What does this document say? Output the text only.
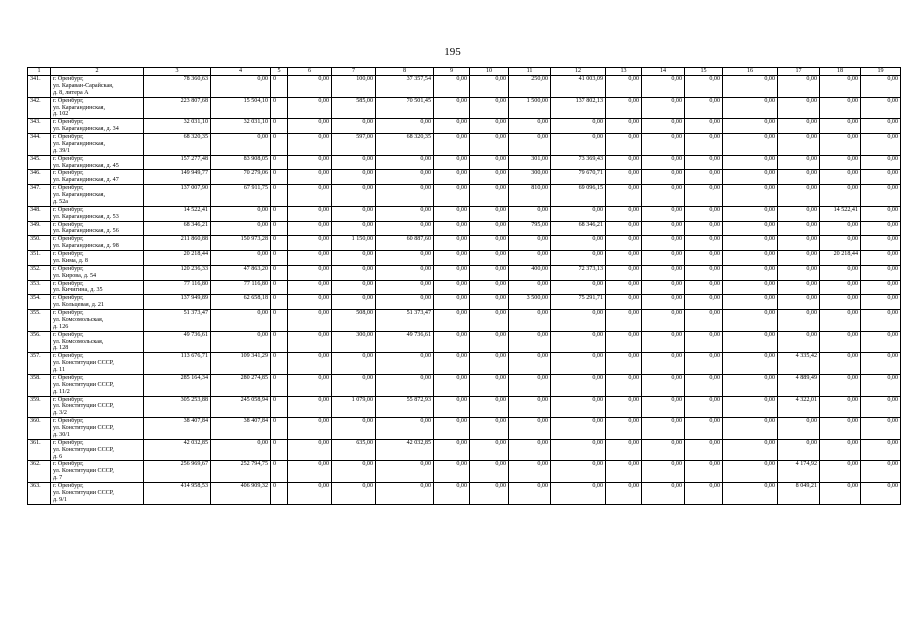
195
1	2	3	4	5	6	7	8	9	10	11	12	13	14	15	16	17	18	19
341.	г. Оренбург,
ул. Караван-Сарайская,
д. 8, литера А	78 360,63	0,00	0	0,00	100,00	37 357,54	0,00	0,00	250,00	41 003,09	0,00	0,00	0,00	0,00	0,00	0,00	0,00
342.	г. Оренбург,
ул. Карагандинская,
д. 102	223 807,68	15 504,10	0	0,00	585,00	70 501,45	0,00	0,00	1 500,00	137 802,13	0,00	0,00	0,00	0,00	0,00	0,00	0,00
343.	г. Оренбург,
ул. Карагандинская, д. 34	32 031,10	32 031,10	0	0,00	0,00	0,00	0,00	0,00	0,00	0,00	0,00	0,00	0,00	0,00	0,00	0,00	0,00
344.	г. Оренбург,
ул. Карагандинская,
д. 39/1	68 320,35	0,00	0	0,00	597,00	68 320,35	0,00	0,00	0,00	0,00	0,00	0,00	0,00	0,00	0,00	0,00	0,00
345.	г. Оренбург,
ул. Карагандинская, д. 45	157 277,48	83 908,05	0	0,00	0,00	0,00	0,00	0,00	301,00	73 369,43	0,00	0,00	0,00	0,00	0,00	0,00	0,00
346.	г. Оренбург,
ул. Карагандинская, д. 47	149 949,77	70 279,06	0	0,00	0,00	0,00	0,00	0,00	300,00	79 670,71	0,00	0,00	0,00	0,00	0,00	0,00	0,00
347.	г. Оренбург,
ул. Карагандинская,
д. 52а	137 007,90	67 911,75	0	0,00	0,00	0,00	0,00	0,00	810,00	69 096,15	0,00	0,00	0,00	0,00	0,00	0,00	0,00
348.	г. Оренбург,
ул. Карагандинская, д. 53	14 522,41	0,00	0	0,00	0,00	0,00	0,00	0,00	0,00	0,00	0,00	0,00	0,00	0,00	0,00	14 522,41	0,00
349.	г. Оренбург,
ул. Карагандинская, д. 56	68 346,21	0,00	0	0,00	0,00	0,00	0,00	0,00	795,00	68 346,21	0,00	0,00	0,00	0,00	0,00	0,00	0,00
350.	г. Оренбург,
ул. Карагандинская, д. 98	211 860,88	150 973,28	0	0,00	1 150,00	60 887,60	0,00	0,00	0,00	0,00	0,00	0,00	0,00	0,00	0,00	0,00	0,00
351.	г. Оренбург,
ул. Кима, д. 8	20 218,44	0,00	0	0,00	0,00	0,00	0,00	0,00	0,00	0,00	0,00	0,00	0,00	0,00	0,00	20 218,44	0,00
352.	г. Оренбург,
ул. Кирова, д. 54	120 236,33	47 863,20	0	0,00	0,00	0,00	0,00	0,00	400,00	72 373,13	0,00	0,00	0,00	0,00	0,00	0,00	0,00
353.	г. Оренбург,
ул. Кичигина, д. 35	77 116,80	77 116,80	0	0,00	0,00	0,00	0,00	0,00	0,00	0,00	0,00	0,00	0,00	0,00	0,00	0,00	0,00
354.	г. Оренбург,
ул. Кольцевая, д. 21	137 949,89	62 658,18	0	0,00	0,00	0,00	0,00	0,00	3 500,00	75 291,71	0,00	0,00	0,00	0,00	0,00	0,00	0,00
355.	г. Оренбург,
ул. Комсомольская,
д. 126	51 373,47	0,00	0	0,00	508,00	51 373,47	0,00	0,00	0,00	0,00	0,00	0,00	0,00	0,00	0,00	0,00	0,00
356.	г. Оренбург,
ул. Комсомольская,
д. 128	49 736,61	0,00	0	0,00	300,00	49 736,61	0,00	0,00	0,00	0,00	0,00	0,00	0,00	0,00	0,00	0,00	0,00
357.	г. Оренбург,
ул. Конституции СССР,
д. 11	113 676,71	109 341,29	0	0,00	0,00	0,00	0,00	0,00	0,00	0,00	0,00	0,00	0,00	0,00	4 335,42	0,00	0,00
358.	г. Оренбург,
ул. Конституции СССР,
д. 11/2	285 164,34	280 274,85	0	0,00	0,00	0,00	0,00	0,00	0,00	0,00	0,00	0,00	0,00	0,00	4 889,49	0,00	0,00
359.	г. Оренбург,
ул. Конституции СССР,
д. 3/2	305 253,88	245 058,94	0	0,00	1 079,00	55 872,93	0,00	0,00	0,00	0,00	0,00	0,00	0,00	0,00	4 322,01	0,00	0,00
360.	г. Оренбург,
ул. Конституции СССР,
д. 30/1	38 407,84	38 407,84	0	0,00	0,00	0,00	0,00	0,00	0,00	0,00	0,00	0,00	0,00	0,00	0,00	0,00	0,00
361.	г. Оренбург,
ул. Конституции СССР,
д. 6	42 032,85	0,00	0	0,00	635,00	42 032,85	0,00	0,00	0,00	0,00	0,00	0,00	0,00	0,00	0,00	0,00	0,00
362.	г. Оренбург,
ул. Конституции СССР,
д. 7	256 969,67	252 794,75	0	0,00	0,00	0,00	0,00	0,00	0,00	0,00	0,00	0,00	0,00	0,00	4 174,92	0,00	0,00
363.	г. Оренбург,
ул. Конституции СССР,
д. 9/1	414 958,53	406 909,32	0	0,00	0,00	0,00	0,00	0,00	0,00	0,00	0,00	0,00	0,00	0,00	8 049,21	0,00	0,00
